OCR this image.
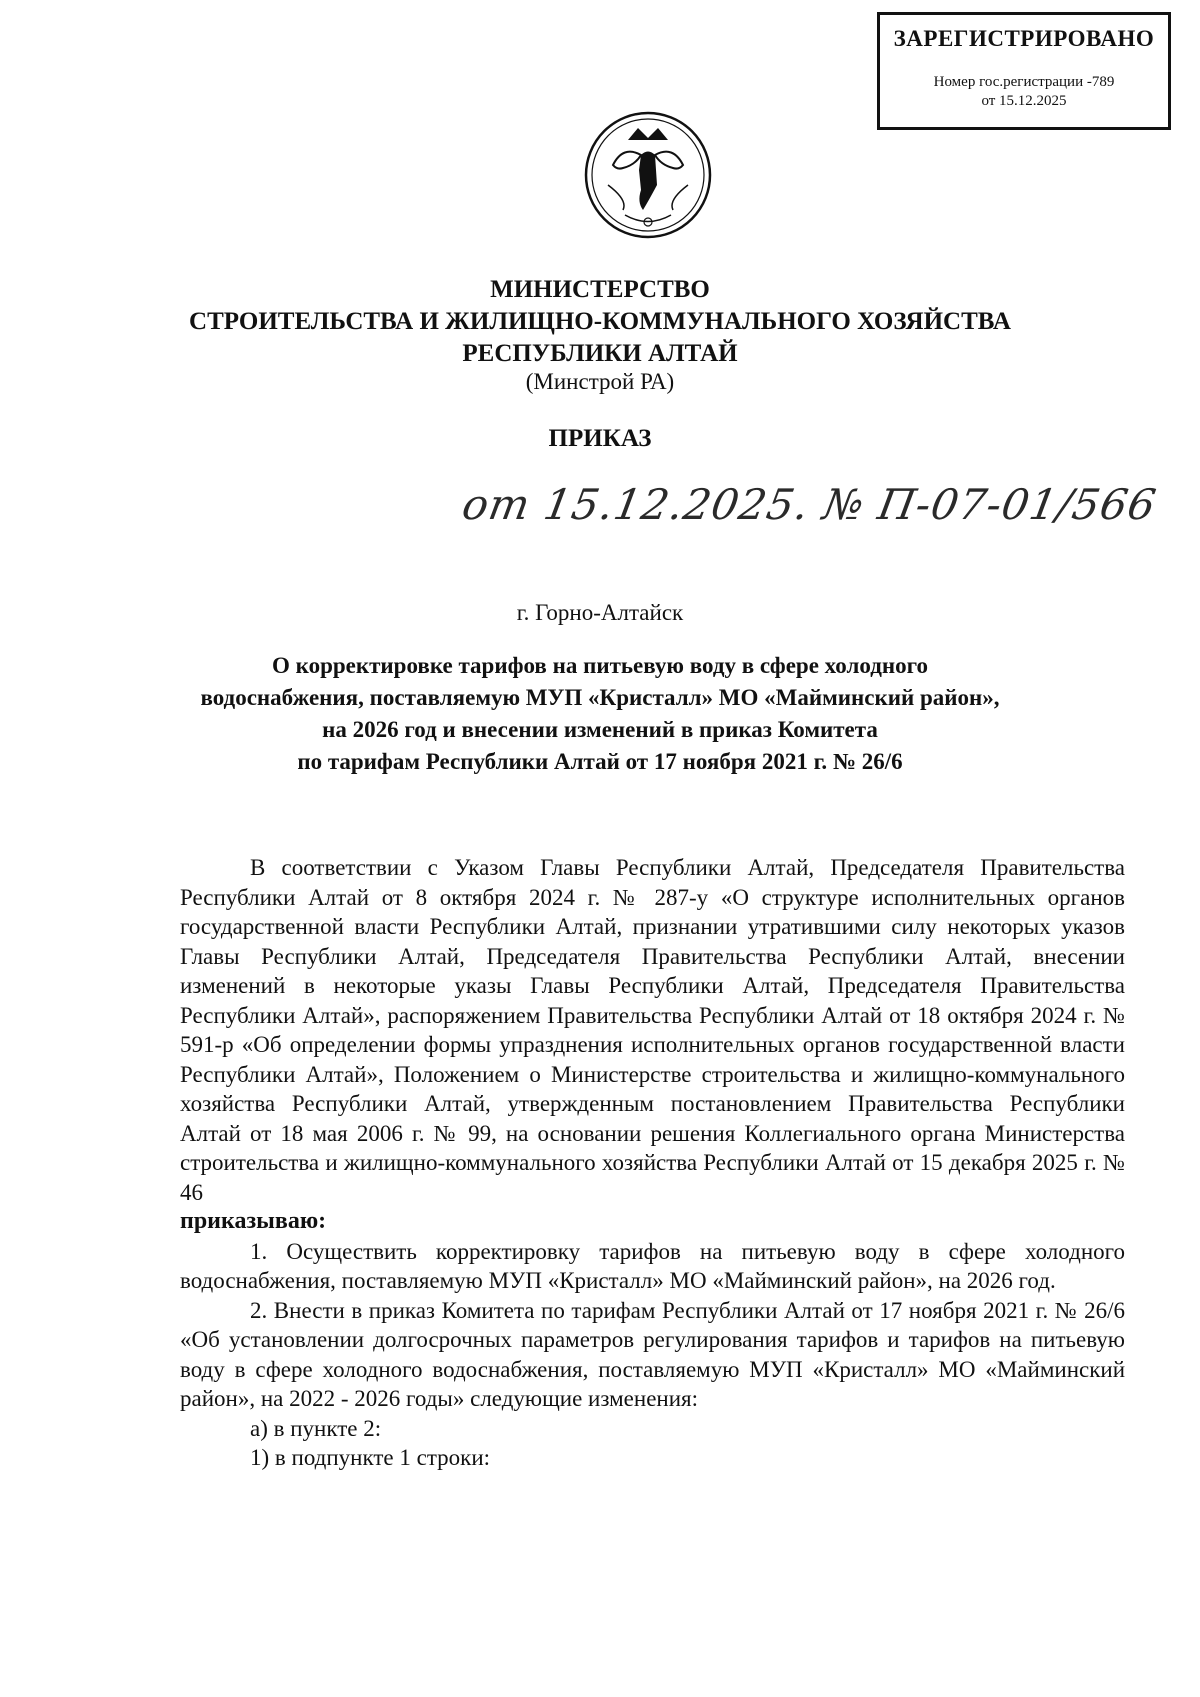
ЗАРЕГИСТРИРОВАНО
Номер гос.регистрации -789
от 15.12.2025
МИНИСТЕРСТВО
СТРОИТЕЛЬСТВА И ЖИЛИЩНО-КОММУНАЛЬНОГО ХОЗЯЙСТВА
РЕСПУБЛИКИ АЛТАЙ
(Минстрой РА)
ПРИКАЗ
от 15.12.2025. № П-07-01/566
г. Горно-Алтайск
О корректировке тарифов на питьевую воду в сфере холодного
водоснабжения, поставляемую МУП «Кристалл» МО «Майминский район»,
на 2026 год и внесении изменений в приказ Комитета
по тарифам Республики Алтай от 17 ноября 2021 г. № 26/6

В соответствии с Указом Главы Республики Алтай, Председателя Правительства Республики Алтай от 8 октября 2024 г. № 287-у «О структуре исполнительных органов государственной власти Республики Алтай, признании утратившими силу некоторых указов Главы Республики Алтай, Председателя Правительства Республики Алтай, внесении изменений в некоторые указы Главы Республики Алтай, Председателя Правительства Республики Алтай», распоряжением Правительства Республики Алтай от 18 октября 2024 г. № 591-р «Об определении формы упразднения исполнительных органов государственной власти Республики Алтай», Положением о Министерстве строительства и жилищно-коммунального хозяйства Республики Алтай, утвержденным постановлением Правительства Республики Алтай от 18 мая 2006 г. № 99, на основании решения Коллегиального органа Министерства строительства и жилищно-коммунального хозяйства Республики Алтай от 15 декабря 2025 г. № 46

приказываю:

1. Осуществить корректировку тарифов на питьевую воду в сфере холодного водоснабжения, поставляемую МУП «Кристалл» МО «Майминский район», на 2026 год.

2. Внести в приказ Комитета по тарифам Республики Алтай от 17 ноября 2021 г. № 26/6 «Об установлении долгосрочных параметров регулирования тарифов и тарифов на питьевую воду в сфере холодного водоснабжения, поставляемую МУП «Кристалл» МО «Майминский район», на 2022 - 2026 годы» следующие изменения:

а) в пункте 2:

1) в подпункте 1 строки:
